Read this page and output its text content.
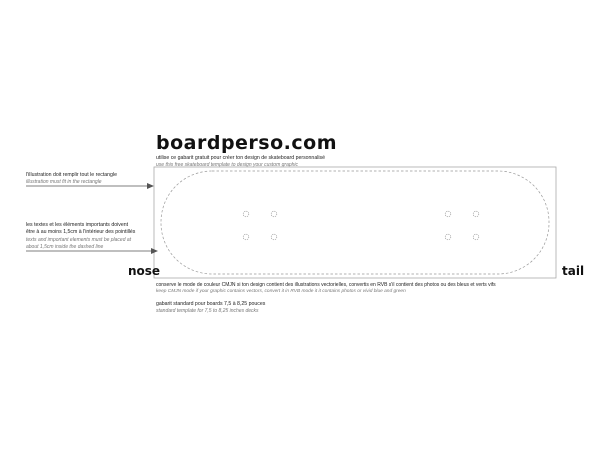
boardperso.com
utilise ce gabarit gratuit pour créer ton design de skateboard personnalisé
use this free skateboard template to design your custom graphic
l'illustration doit remplir tout le rectangle
illustration must fit in the rectangle
les textes et les éléments importants doivent
être à au moins 1,5cm à l'intérieur des pointillés
texts and important elements must be placed at
about 1,5cm inside the dashed line
nose	tail
conserve le mode de couleur CMJN si ton design contient des illustrations vectorielles, convertis en RVB s'il contient des photos ou des bleus et verts vifs
keep CMJN mode if your graphic contains vectors, convert it in RVB mode it it contains photos or vivid blue and green
gabarit standard pour boards 7,5 à 8,25 pouces
standard template for 7,5 to 8,25 inches decks
